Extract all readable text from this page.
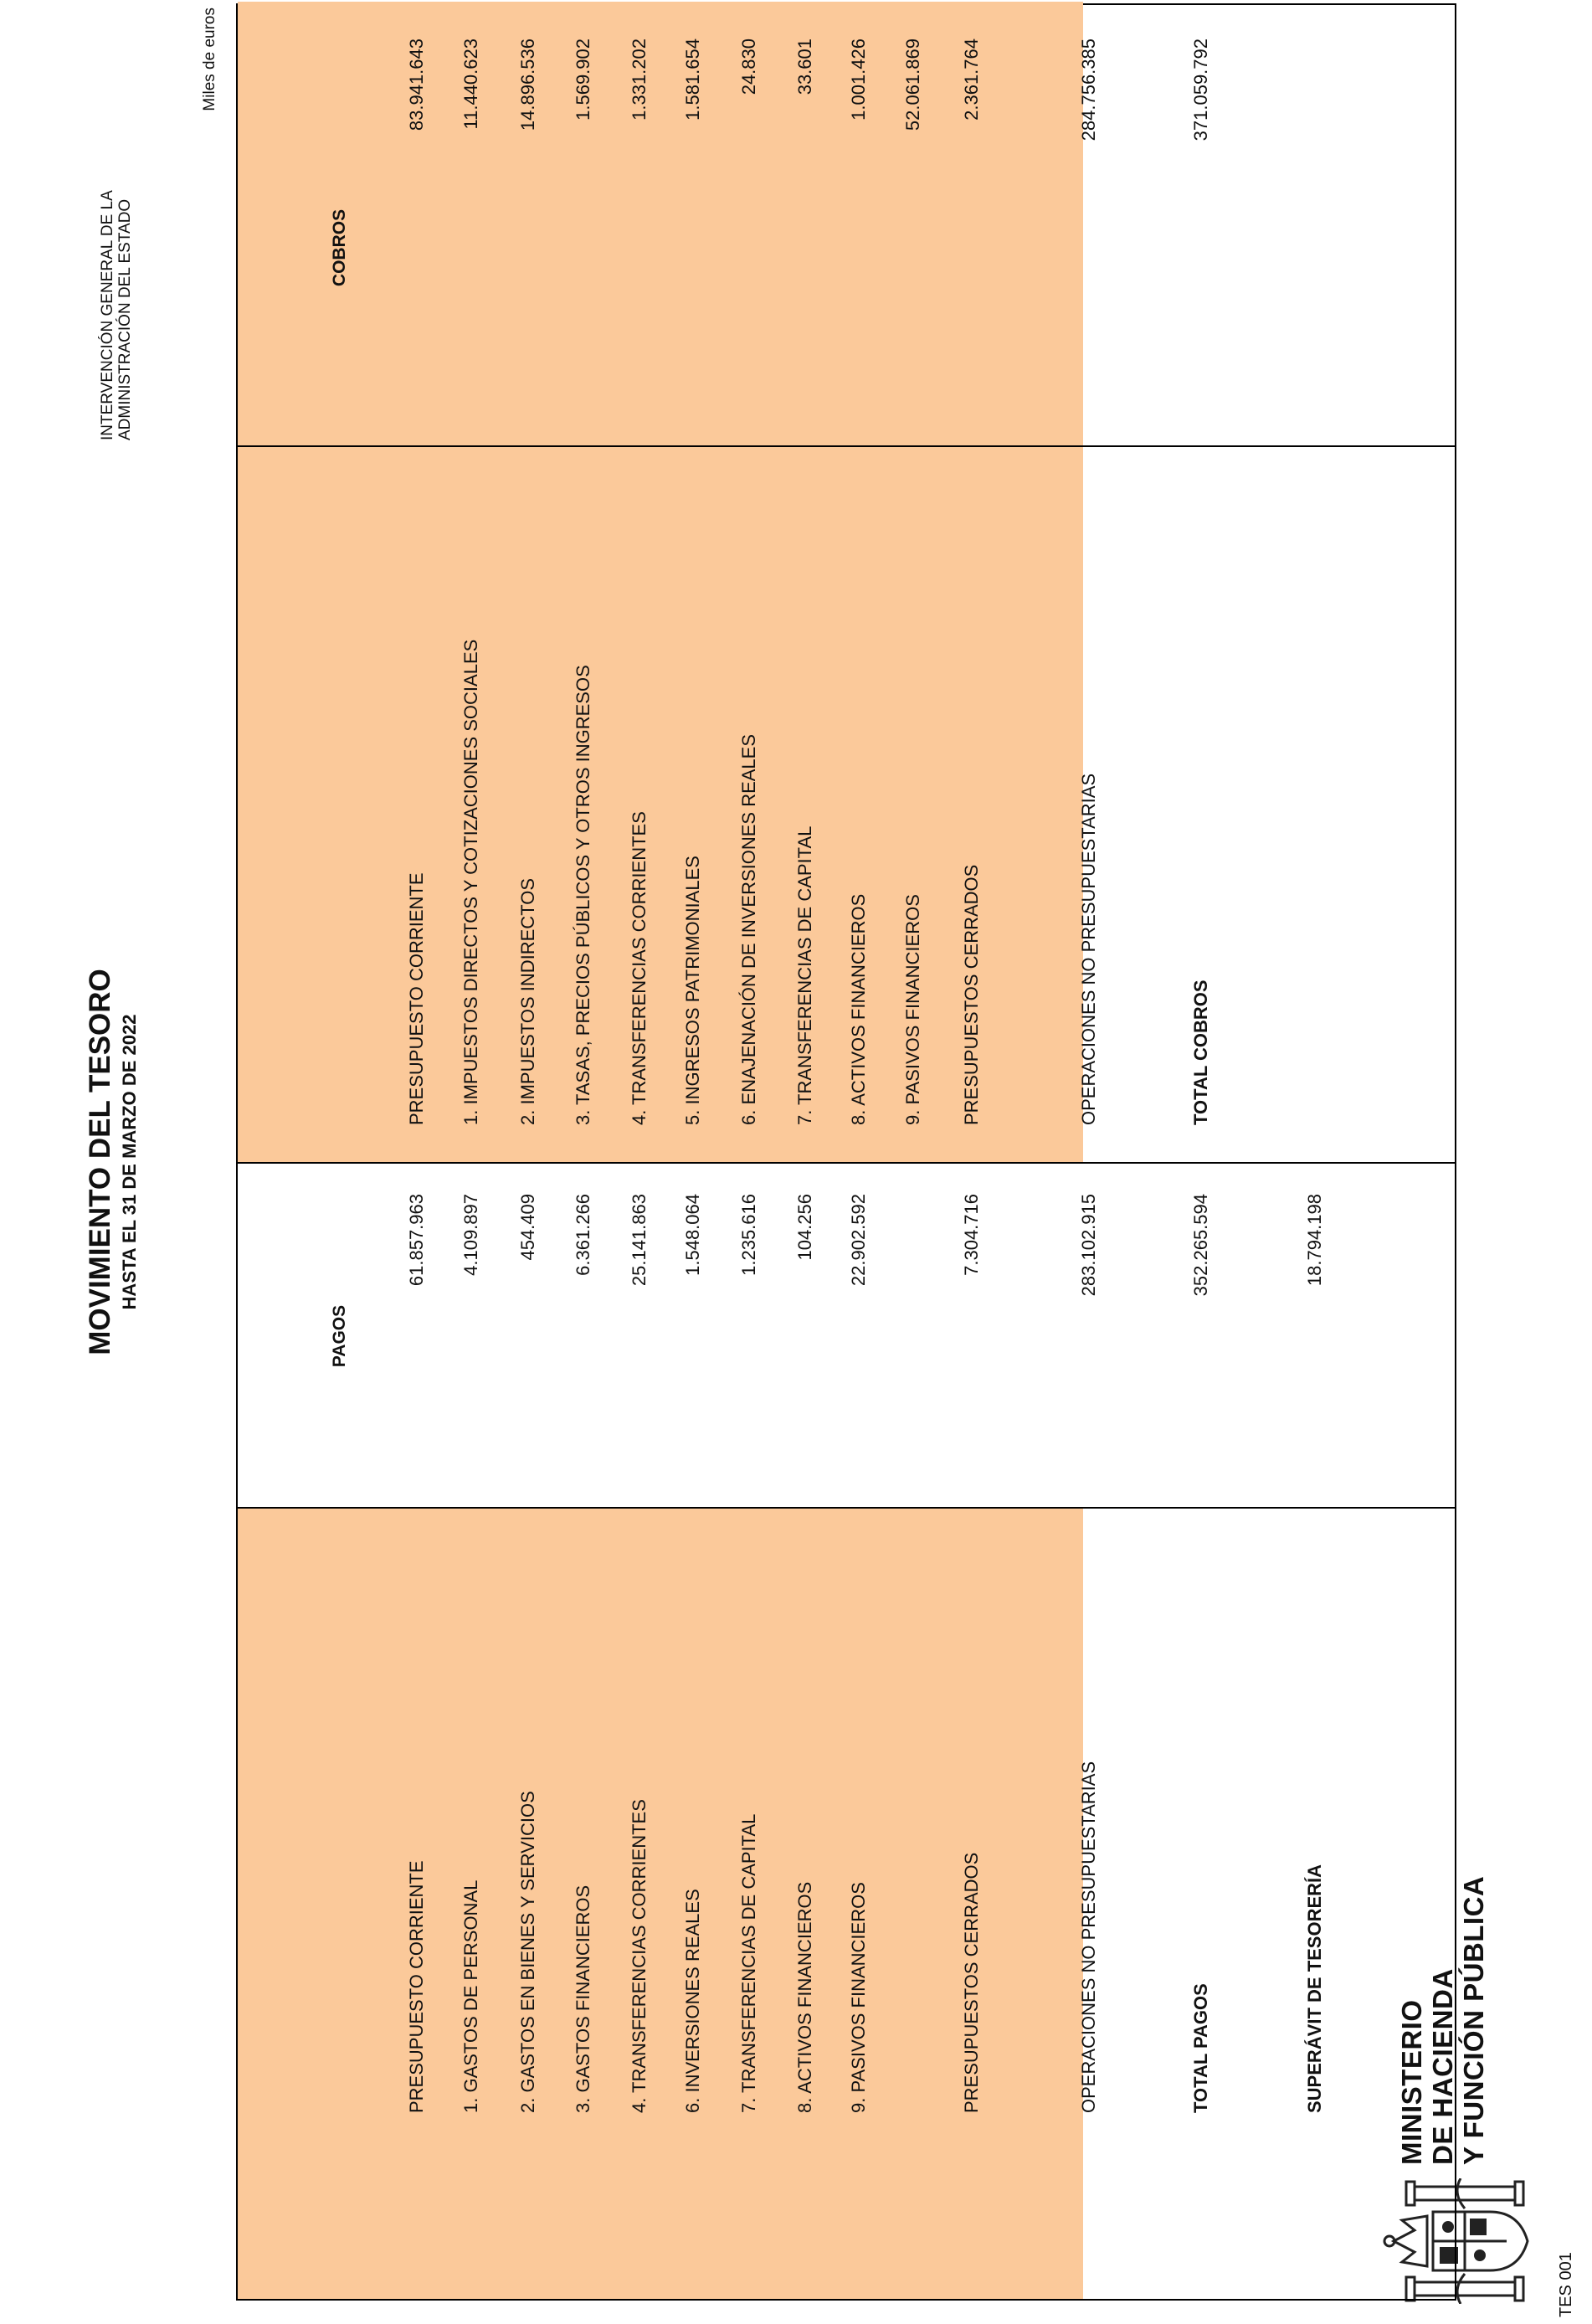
MINISTERIO DE HACIENDA Y FUNCIÓN PÚBLICA
MOVIMIENTO DEL TESORO HASTA EL 31 DE MARZO DE 2022
INTERVENCIÓN GENERAL DE LA ADMINISTRACIÓN DEL ESTADO
Miles de euros
TES 001
PAGOS
COBROS
PRESUPUESTO CORRIENTE
61.857.963
1. GASTOS DE PERSONAL
4.109.897
2. GASTOS EN BIENES Y SERVICIOS
454.409
3. GASTOS FINANCIEROS
6.361.266
4. TRANSFERENCIAS CORRIENTES
25.141.863
6. INVERSIONES REALES
1.548.064
7. TRANSFERENCIAS DE CAPITAL
1.235.616
8. ACTIVOS FINANCIEROS
104.256
9. PASIVOS FINANCIEROS
22.902.592
PRESUPUESTOS CERRADOS
7.304.716
OPERACIONES NO PRESUPUESTARIAS
283.102.915
TOTAL PAGOS
352.265.594
SUPERÁVIT DE TESORERÍA
18.794.198
PRESUPUESTO CORRIENTE
83.941.643
1. IMPUESTOS DIRECTOS Y COTIZACIONES SOCIALES
11.440.623
2. IMPUESTOS INDIRECTOS
14.896.536
3. TASAS, PRECIOS PÚBLICOS Y OTROS INGRESOS
1.569.902
4. TRANSFERENCIAS CORRIENTES
1.331.202
5. INGRESOS PATRIMONIALES
1.581.654
6. ENAJENACIÓN DE INVERSIONES REALES
24.830
7. TRANSFERENCIAS DE CAPITAL
33.601
8. ACTIVOS FINANCIEROS
1.001.426
9. PASIVOS FINANCIEROS
52.061.869
PRESUPUESTOS CERRADOS
2.361.764
OPERACIONES NO PRESUPUESTARIAS
284.756.385
TOTAL COBROS
371.059.792
